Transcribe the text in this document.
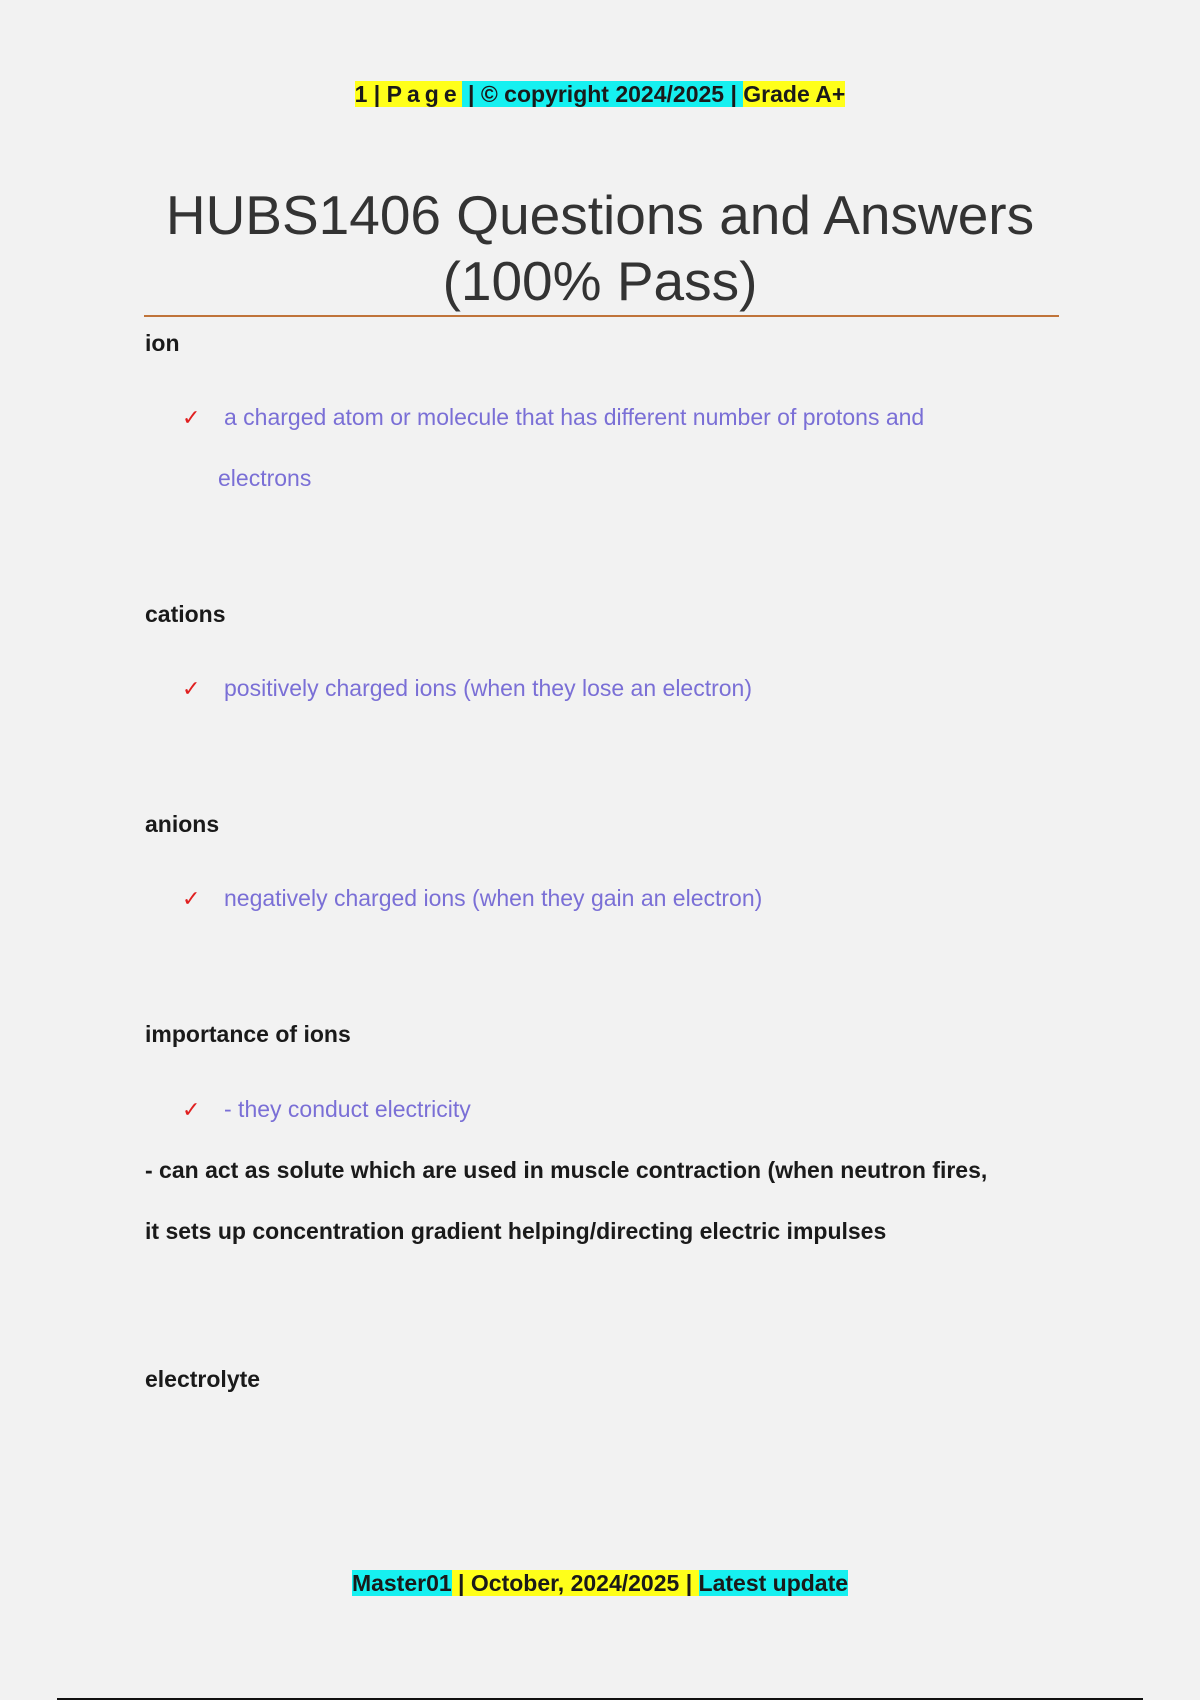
1 | Page | © copyright 2024/2025 | Grade A+
HUBS1406 Questions and Answers
(100% Pass)
ion
✓ a charged atom or molecule that has different number of protons and
electrons
cations
✓ positively charged ions (when they lose an electron)
anions
✓ negatively charged ions (when they gain an electron)
importance of ions
✓ - they conduct electricity
- can act as solute which are used in muscle contraction (when neutron fires,
it sets up concentration gradient helping/directing electric impulses
electrolyte
Master01 | October, 2024/2025 | Latest update
